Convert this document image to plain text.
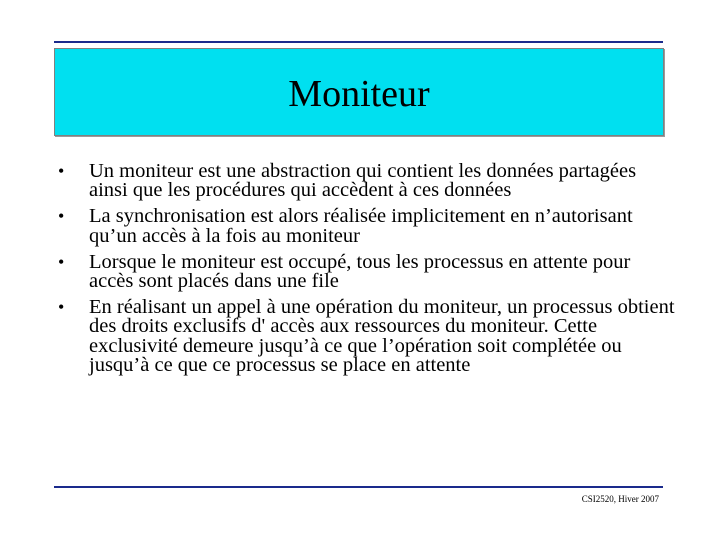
Moniteur
• Un moniteur est une abstraction qui contient les données partagées ainsi que les procédures qui accèdent à ces données
• La synchronisation est alors réalisée implicitement en n’autorisant qu’un accès à la fois au moniteur
• Lorsque le moniteur est occupé, tous les processus en attente pour accès sont placés dans une file
• En réalisant un appel à une opération du moniteur, un processus obtient des droits exclusifs d' accès aux ressources du moniteur. Cette exclusivité demeure jusqu’à ce que l’opération soit complétée ou jusqu’à ce que ce processus se place en attente
CSI2520, Hiver 2007
